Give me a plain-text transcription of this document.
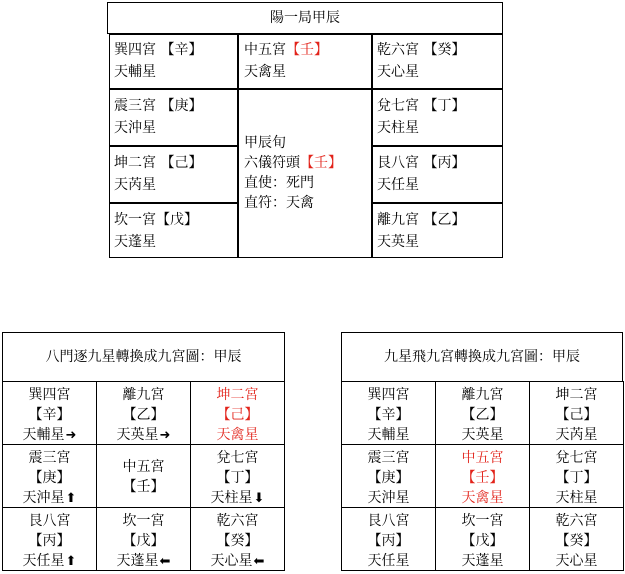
陽一局甲辰
巽四宮 【辛】
天輔星
震三宮 【庚】
天沖星
坤二宮 【己】
天芮星
坎一宮【戊】
天蓬星
中五宮【壬】
天禽星
甲辰旬
六儀符頭【壬】
直使：死門
直符：天禽
乾六宮 【癸】
天心星
兌七宮 【丁】
天柱星
艮八宮 【丙】
天任星
離九宮 【乙】
天英星
八門逐九星轉換成九宮圖：甲辰
巽四宮
【辛】
天輔星➜
離九宮
【乙】
天英星➜
坤二宮
【己】
天禽星
震三宮
【庚】
天沖星⬆
中五宮
【壬】
兌七宮
【丁】
天柱星⬇
艮八宮
【丙】
天任星⬆
坎一宮
【戊】
天蓬星⬅
乾六宮
【癸】
天心星⬅
九星飛九宮轉換成九宮圖：甲辰
巽四宮
【辛】
天輔星
離九宮
【乙】
天英星
坤二宮
【己】
天芮星
震三宮
【庚】
天沖星
中五宮
【壬】
天禽星
兌七宮
【丁】
天柱星
艮八宮
【丙】
天任星
坎一宮
【戊】
天蓬星
乾六宮
【癸】
天心星
